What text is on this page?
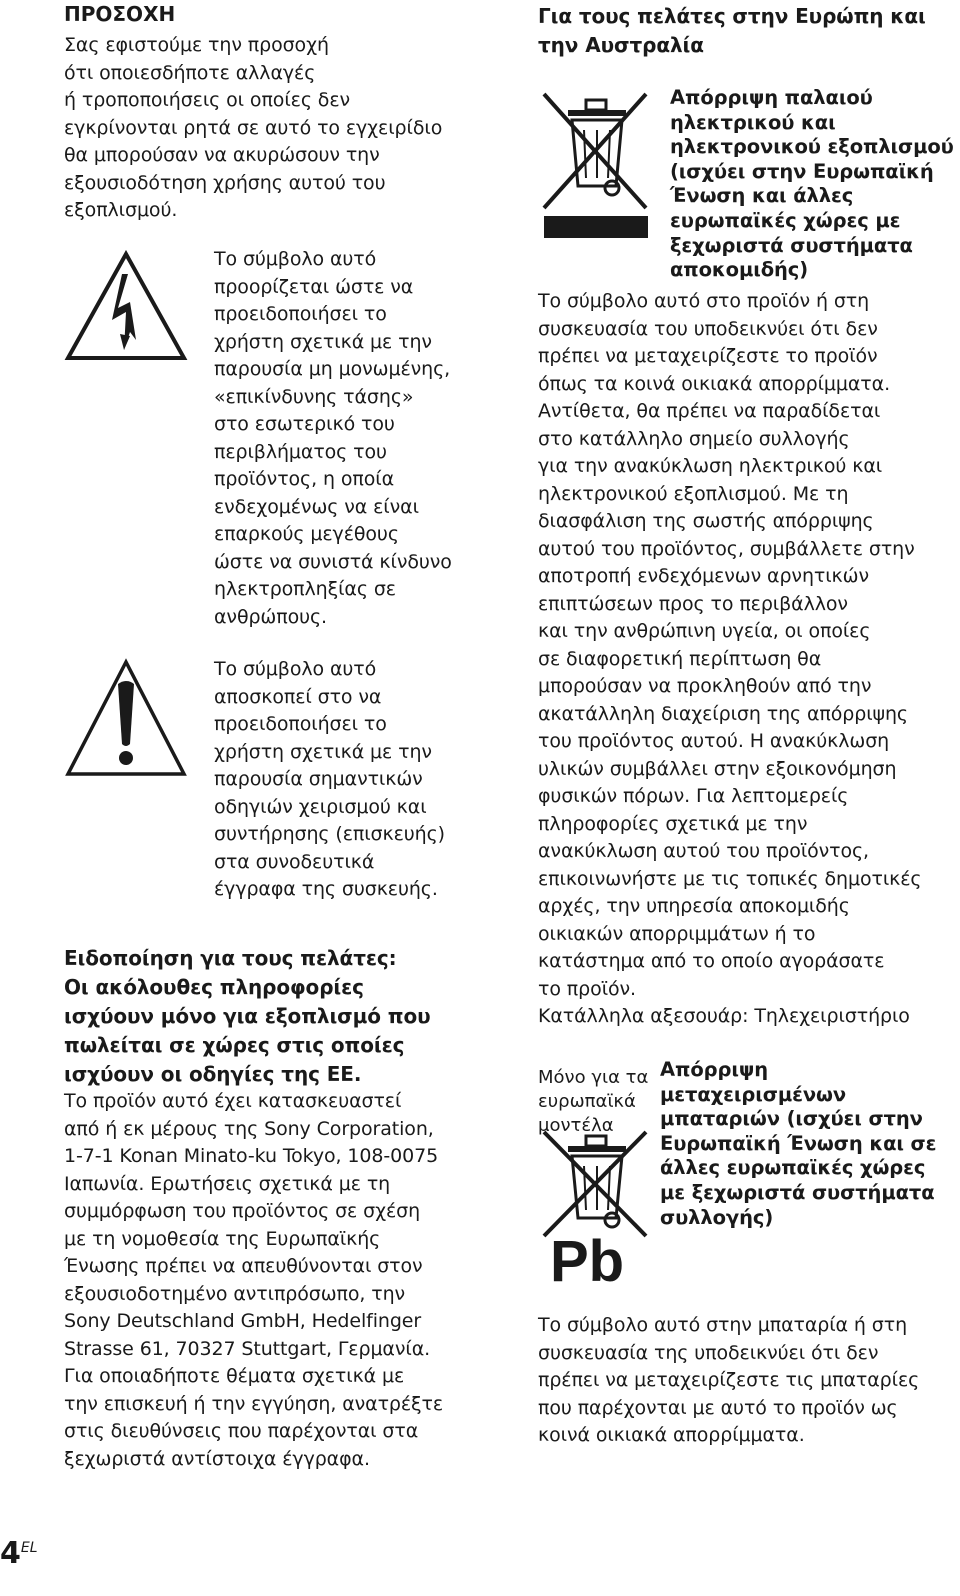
ΠΡΟΣΟΧΗ

Σας εφιστούμε την προσοχή
ότι οποιεσδήποτε αλλαγές
ή τροποποιήσεις οι οποίες δεν
εγκρίνονται ρητά σε αυτό το εγχειρίδιο
θα μπορούσαν να ακυρώσουν την
εξουσιοδότηση χρήσης αυτού του
εξοπλισμού.

Το σύμβολο αυτό
προορίζεται ώστε να
προειδοποιήσει το
χρήστη σχετικά με την
παρουσία μη μονωμένης,
«επικίνδυνης τάσης»
στο εσωτερικό του
περιβλήματος του
προϊόντος, η οποία
ενδεχομένως να είναι
επαρκούς μεγέθους
ώστε να συνιστά κίνδυνο
ηλεκτροπληξίας σε
ανθρώπους.

Το σύμβολο αυτό
αποσκοπεί στο να
προειδοποιήσει το
χρήστη σχετικά με την
παρουσία σημαντικών
οδηγιών χειρισμού και
συντήρησης (επισκευής)
στα συνοδευτικά
έγγραφα της συσκευής.

Ειδοποίηση για τους πελάτες:
Οι ακόλουθες πληροφορίες
ισχύουν μόνο για εξοπλισμό που
πωλείται σε χώρες στις οποίες
ισχύουν οι οδηγίες της ΕΕ.

Το προϊόν αυτό έχει κατασκευαστεί
από ή εκ μέρους της Sony Corporation,
1-7-1 Konan Minato-ku Tokyo, 108-0075
Ιαπωνία. Ερωτήσεις σχετικά με τη
συμμόρφωση του προϊόντος σε σχέση
με τη νομοθεσία της Ευρωπαϊκής
Ένωσης πρέπει να απευθύνονται στον
εξουσιοδοτημένο αντιπρόσωπο, την
Sony Deutschland GmbH, Hedelfinger
Strasse 61, 70327 Stuttgart, Γερμανία.
Για οποιαδήποτε θέματα σχετικά με
την επισκευή ή την εγγύηση, ανατρέξτε
στις διευθύνσεις που παρέχονται στα
ξεχωριστά αντίστοιχα έγγραφα.

Για τους πελάτες στην Ευρώπη και
την Αυστραλία

Απόρριψη παλαιού
ηλεκτρικού και
ηλεκτρονικού εξοπλισμού
(ισχύει στην Ευρωπαϊκή
Ένωση και άλλες
ευρωπαϊκές χώρες με
ξεχωριστά συστήματα
αποκομιδής)

Το σύμβολο αυτό στο προϊόν ή στη
συσκευασία του υποδεικνύει ότι δεν
πρέπει να μεταχειρίζεστε το προϊόν
όπως τα κοινά οικιακά απορρίμματα.
Αντίθετα, θα πρέπει να παραδίδεται
στο κατάλληλο σημείο συλλογής
για την ανακύκλωση ηλεκτρικού και
ηλεκτρονικού εξοπλισμού. Με τη
διασφάλιση της σωστής απόρριψης
αυτού του προϊόντος, συμβάλλετε στην
αποτροπή ενδεχόμενων αρνητικών
επιπτώσεων προς το περιβάλλον
και την ανθρώπινη υγεία, οι οποίες
σε διαφορετική περίπτωση θα
μπορούσαν να προκληθούν από την
ακατάλληλη διαχείριση της απόρριψης
του προϊόντος αυτού. Η ανακύκλωση
υλικών συμβάλλει στην εξοικονόμηση
φυσικών πόρων. Για λεπτομερείς
πληροφορίες σχετικά με την
ανακύκλωση αυτού του προϊόντος,
επικοινωνήστε με τις τοπικές δημοτικές
αρχές, την υπηρεσία αποκομιδής
οικιακών απορριμμάτων ή το
κατάστημα από το οποίο αγοράσατε
το προϊόν.
Κατάλληλα αξεσουάρ: Τηλεχειριστήριο

Μόνο για τα
ευρωπαϊκά
μοντέλα

Απόρριψη
μεταχειρισμένων
μπαταριών (ισχύει στην
Ευρωπαϊκή Ένωση και σε
άλλες ευρωπαϊκές χώρες
με ξεχωριστά συστήματα
συλλογής)

Pb

Το σύμβολο αυτό στην μπαταρία ή στη
συσκευασία της υποδεικνύει ότι δεν
πρέπει να μεταχειρίζεστε τις μπαταρίες
που παρέχονται με αυτό το προϊόν ως
κοινά οικιακά απορρίμματα.

4EL
